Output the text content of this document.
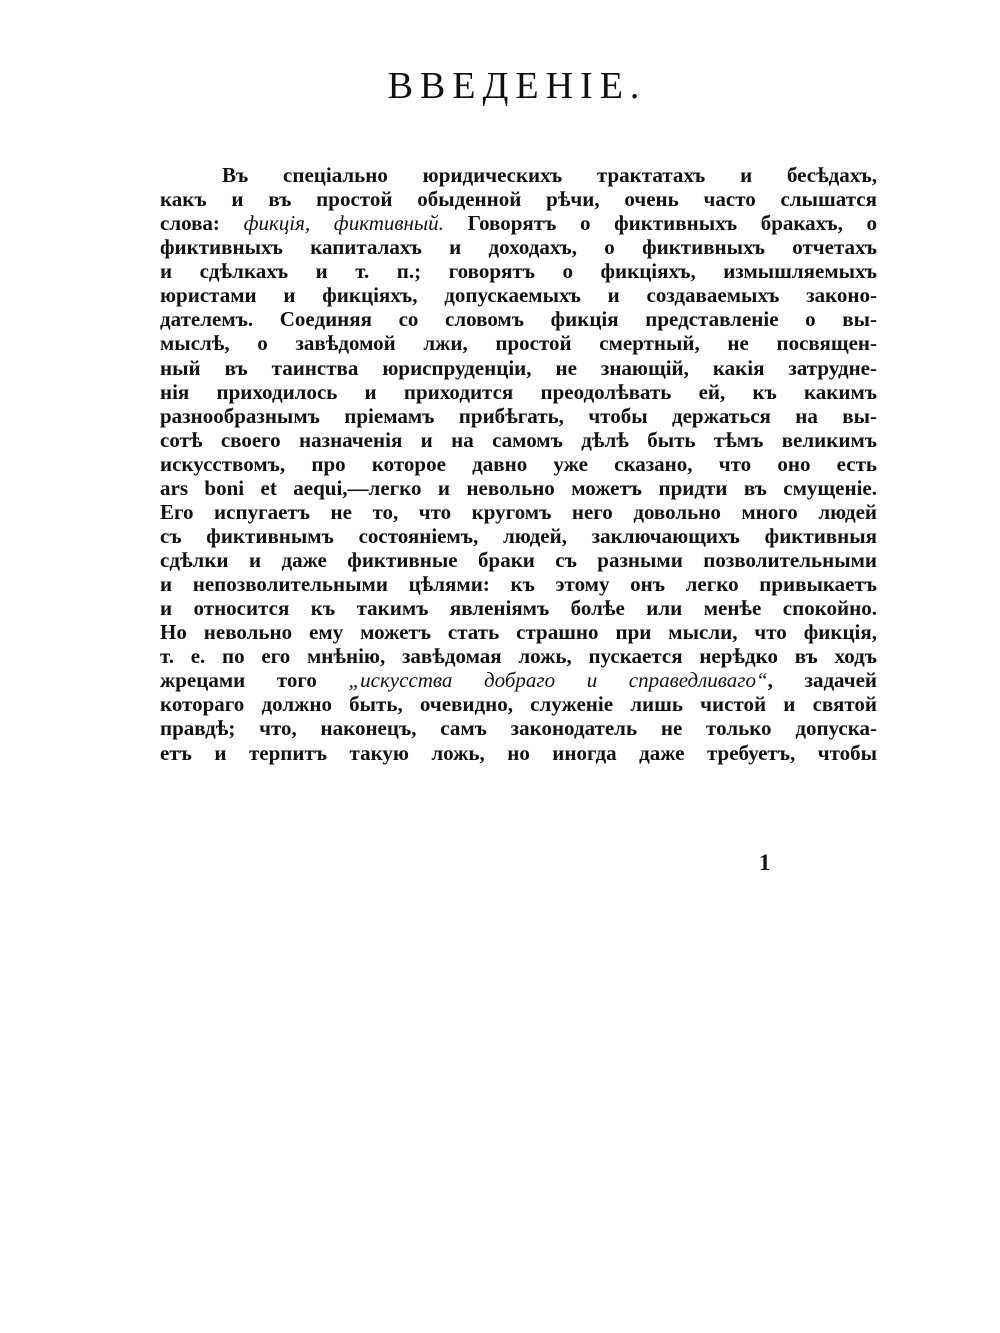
ВВЕДЕНІЕ.
Въ спеціально юридическихъ трактатахъ и бесѣдахъ,
какъ и въ простой обыденной рѣчи, очень часто слышатся
слова: фикція, фиктивный. Говорятъ о фиктивныхъ бракахъ, о
фиктивныхъ капиталахъ и доходахъ, о фиктивныхъ отчетахъ
и сдѣлкахъ и т. п.; говорятъ о фикціяхъ, измышляемыхъ
юристами и фикціяхъ, допускаемыхъ и создаваемыхъ законо-
дателемъ. Соединяя со словомъ фикція представленіе о вы-
мыслѣ, о завѣдомой лжи, простой смертный, не посвящен-
ный въ таинства юриспруденціи, не знающій, какія затрудне-
нія приходилось и приходится преодолѣвать ей, къ какимъ
разнообразнымъ пріемамъ прибѣгать, чтобы держаться на вы-
сотѣ своего назначенія и на самомъ дѣлѣ быть тѣмъ великимъ
искусствомъ, про которое давно уже сказано, что оно есть
ars boni et aequi,—легко и невольно можетъ придти въ смущеніе.
Его испугаетъ не то, что кругомъ него довольно много людей
съ фиктивнымъ состояніемъ, людей, заключающихъ фиктивныя
сдѣлки и даже фиктивные браки съ разными позволительными
и непозволительными цѣлями: къ этому онъ легко привыкаетъ
и относится къ такимъ явленіямъ болѣе или менѣе спокойно.
Но невольно ему можетъ стать страшно при мысли, что фикція,
т. е. по его мнѣнію, завѣдомая ложь, пускается нерѣдко въ ходъ
жрецами того „искусства добраго и справедливаго“, задачей
котораго должно быть, очевидно, служеніе лишь чистой и святой
правдѣ; что, наконецъ, самъ законодатель не только допуска-
етъ и терпитъ такую ложь, но иногда даже требуетъ, чтобы
1
